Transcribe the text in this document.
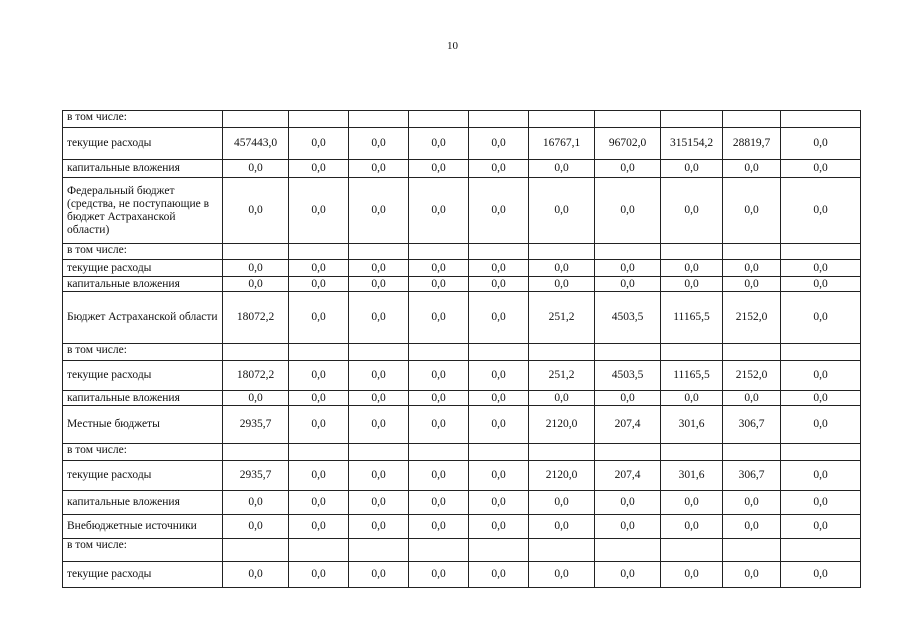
10
в том числе:										
текущие расходы	457443,0	0,0	0,0	0,0	0,0	16767,1	96702,0	315154,2	28819,7	0,0
капитальные вложения	0,0	0,0	0,0	0,0	0,0	0,0	0,0	0,0	0,0	0,0
Федеральный бюджет (средства, не поступающие в бюджет Астраханской области)	0,0	0,0	0,0	0,0	0,0	0,0	0,0	0,0	0,0	0,0
в том числе:										
текущие расходы	0,0	0,0	0,0	0,0	0,0	0,0	0,0	0,0	0,0	0,0
капитальные вложения	0,0	0,0	0,0	0,0	0,0	0,0	0,0	0,0	0,0	0,0
Бюджет Астраханской области	18072,2	0,0	0,0	0,0	0,0	251,2	4503,5	11165,5	2152,0	0,0
в том числе:										
текущие расходы	18072,2	0,0	0,0	0,0	0,0	251,2	4503,5	11165,5	2152,0	0,0
капитальные вложения	0,0	0,0	0,0	0,0	0,0	0,0	0,0	0,0	0,0	0,0
Местные бюджеты	2935,7	0,0	0,0	0,0	0,0	2120,0	207,4	301,6	306,7	0,0
в том числе:										
текущие расходы	2935,7	0,0	0,0	0,0	0,0	2120,0	207,4	301,6	306,7	0,0
капитальные вложения	0,0	0,0	0,0	0,0	0,0	0,0	0,0	0,0	0,0	0,0
Внебюджетные источники	0,0	0,0	0,0	0,0	0,0	0,0	0,0	0,0	0,0	0,0
в том числе:										
текущие расходы	0,0	0,0	0,0	0,0	0,0	0,0	0,0	0,0	0,0	0,0
